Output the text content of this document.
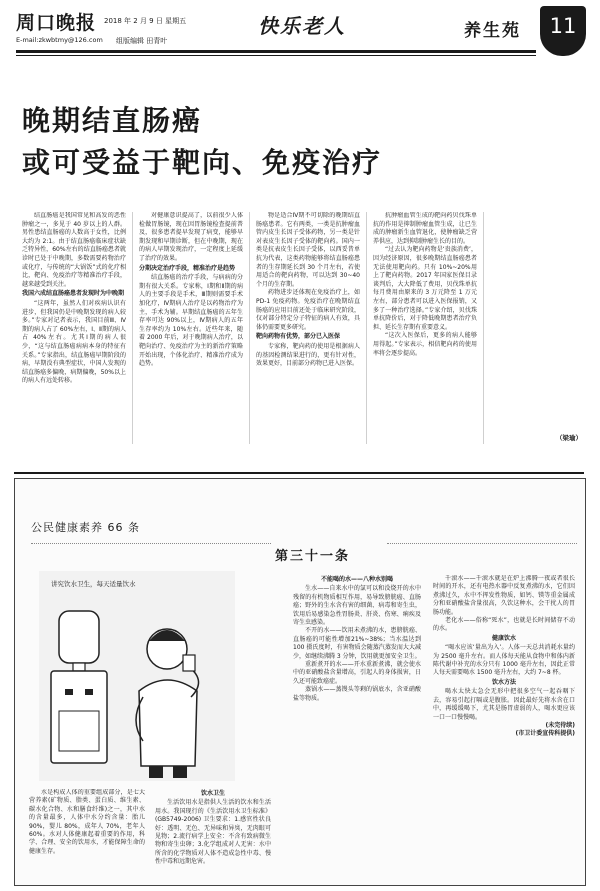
周口晚报 2018 年 2 月 9 日 星期五
E-mail:zkwbtmy@126.com 组版编辑 田青叶
快乐老人	养生苑	11
晚期结直肠癌
或可受益于靶向、免疫治疗

结直肠癌是我国常见和高发的恶性肿瘤之一，多见于 40 岁以上的人群。男性患结直肠癌的人数高于女性，比例大约为 2:1。由于结直肠癌临床症状缺乏特异性，60%左右的结直肠癌患者就诊时已处于中晚期，多数需要药物治疗或化疗，与传统的“大锅饭”式的化疗相比，靶向、免疫治疗等精准治疗手段，越来越受到关注。

我国六成结直肠癌患者发现时为中晚期

“这两年，虽然人们对疾病认识有进步，但我国仍是中晚期发现的病人较多。”专家对记者表示，我国目前Ⅲ、Ⅳ期的病人占了 60%左右，Ⅰ、Ⅱ期的病人占 40%左右。尤其Ⅰ期的病人很少，“这与结直肠癌病病本身的特征有关系。”专家指出，结直肠癌早期阶段的病，早期没有典型症状，中国人发现的结直肠癌多偏晚，病期偏晚，50%以上的病人有远处转移。

对健康意识提高了，以前很少人体检做胃肠镜，现在因胃肠镜检查提前普及，很多患者提早发现了病变，能够早期发现和早期诊断，但在中晚期，现在的病人早期发现治疗，一定程度上延缓了治疗的效果。

分期决定治疗手段，精准治疗是趋势

结直肠癌的治疗手段，与病病的分期有很大关系。专家称，Ⅰ期和Ⅱ期的病人的主要手段是手术，Ⅲ期则需要手术加化疗，Ⅳ期病人治疗是以药物治疗为主，手术为辅。早期结直肠癌的五年生存率可达 90%以上，Ⅳ期病人的五年生存率约为 10%左右。近些年来，随着 2000 年后，对于晚期病人治疗，以靶向治疗、免疫治疗为主的新治疗策略开始出现，个体化治疗、精准治疗成为趋势。

物是适合Ⅳ期不可切除的晚期结直肠癌患者。它有两类，一类是抗肿瘤血管内皮生长因子受体药物，另一类是针对表皮生长因子受体的靶向药。国内一类是抗表皮生长因子受体，以西妥昔单抗为代表，这类药物能够将结直肠癌患者的生存期延长到 30 个月左右，若使用适合的靶向药物，可以达到 30~40 个月的生存期。

药物进步还体现在免疫治疗上，如 PD-1 免疫药物。免疫治疗在晚期结直肠癌的应用目前还处于临床研究阶段，仅对部分特定分子特征的病人有效，具体仍需要更多研究。

靶向药物有优势，部分已入医保

专家称，靶向药的使用是根据病人的基因检测结果进行的，更有针对性，效果更好，目前部分药物已进入医保。

抗肿瘤血管生成的靶向药贝伐珠单抗的作用是抑制肿瘤血管生成，让已生成的肿瘤新生血管退化，使肿瘤缺乏营养供应，达到抑制肿瘤生长的目的。

“过去认为靶向药物是‘贵族消费’，因为经济原因，很多晚期结直肠癌患者无法使用靶向药。只有 10%~20%用上了靶向药物。2017 年国家医保目录谈判后，大大降低了费用，贝伐珠单抗每月费用由原来的 3 万元降至 1 万元左右，部分患者可以进入医保报销，又多了一种治疗选择。”专家介绍，贝伐珠单抗降价后，对于降低晚期患者治疗负担、延长生存期有重要意义。

“这次入医保后，更多的病人能够用得起。”专家表示，相信靶向药的使用率将会逐步提高。

（梁瑜）
公民健康素养 66 条
第三十一条
讲究饮水卫生，每天适量饮水

水是构成人体的重要组成部分，是七大营养素(矿物质、脂类、蛋白质、维生素、碳水化合物、水和膳食纤维)之一，其中水的含量最多，人体中水分约含量：胎儿 90%，婴儿 80%，成年人 70%，老年人 60%。水对人体健康起着重要的作用，科学、合理、安全的饮用水，才能保障生命的健康生存。

饮水卫生

生活饮用水是指供人生活的饮水和生活用水。我国现行的《生活饮用水卫生标准》(GB5749-2006) 卫生要求：1.感官性状良好：透明、无色、无异味和异臭，无肉眼可见物；2.流行病学上安全：不含有致病微生物和寄生虫卵；3.化学组成对人无害：水中所含的化学物质对人体不造成急性中毒、慢性中毒和远期危害。

不能喝的水——八种水别喝

生水——自来水中的氯可以和没烧开的水中残留的有机物质相互作用，易导致膀胱癌、直肠癌；野外的生水含有害的细菌、病毒和寄生虫，饮用后易感染急性胃肠炎、肝炎、伤寒、痢疾及寄生虫感染。

不开的水——饮用未煮沸的水，患膀胱癌、直肠癌的可能性增加21%~38%；当水温达到 100 摄氏度时，有害物质会随蒸汽蒸发而大大减少，如继续沸腾 3 分钟，饮用就更加安全卫生。

重新煮开的水——开水重新煮沸，就会使水中的亚硝酸盐含量增高，引起人的身体损害，日久还可能致癌症。

蒸锅水——蒸馒头等剩的锅底水，含亚硝酸盐等物质。

千滚水——千滚水就是在炉上沸腾一夜或者很长时间的开水，还有电热水器中反复煮沸的水，它们因煮沸过久，水中不挥发性物质，如钙、镁等重金属成分和亚硝酸盐含量很高，久饮这种水，会干扰人的胃肠功能。

老化水——俗称“死水”，也就是长时间储存不动的水。

健康饮水

“喝水应该‘量出为入’。人体一天总共消耗水量约为 2500 毫升左右。而人体每天能从食物中和体内新陈代谢中补充的水分只有 1000 毫升左右，因此正常人每天需要喝水 1500 毫升左右，大约 7~8 杯。

饮水方法

喝水太快太急会无形中把很多空气一起吞咽下去，容易引起打嗝或是腹胀。因此最好先将水含在口中，再缓缓喝下，尤其是肠胃虚弱的人，喝水更应该一口一口慢慢喝。

(未完待续)

(市卫计委宣传科提供)
